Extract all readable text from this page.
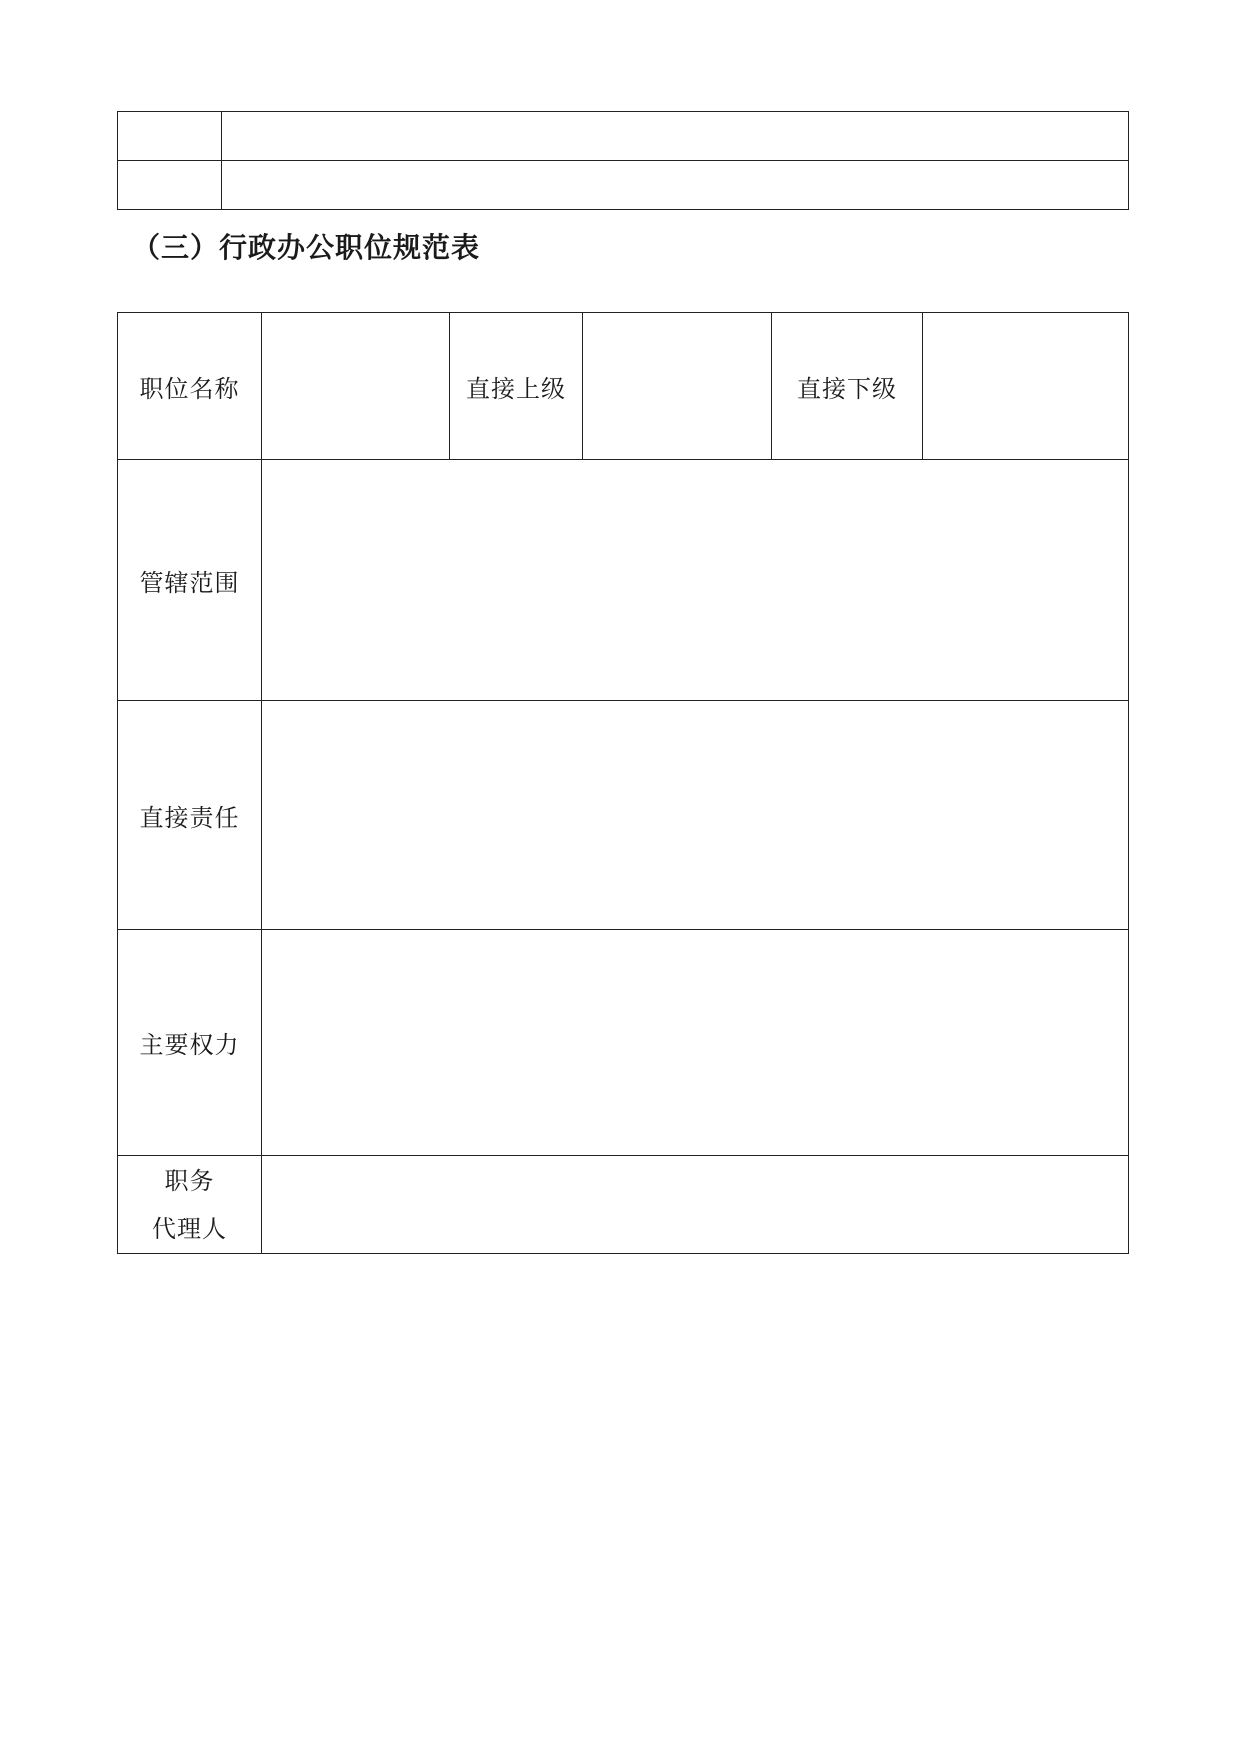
（三）行政办公职位规范表
职位名称		直接上级		直接下级	
管辖范围					
直接责任					
主要权力					

职务
代理人					
